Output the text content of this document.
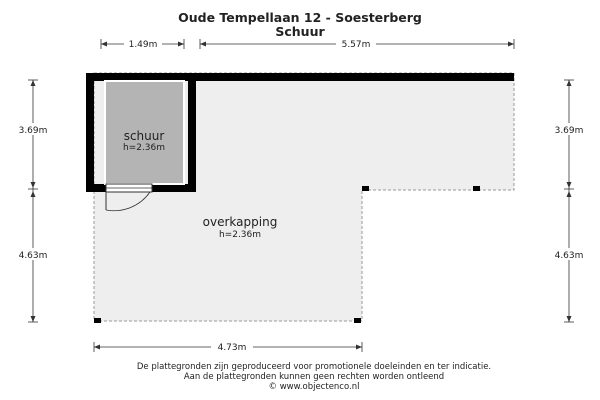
Oude Tempellaan 12 - Soesterberg
Schuur
schuur
h=2.36m
overkapping
h=2.36m
1.49m	5.57m
3.69m
4.63m
3.69m
4.63m
4.73m
De plattegronden zijn geproduceerd voor promotionele doeleinden en ter indicatie.
Aan de plattegronden kunnen geen rechten worden ontleend
© www.objectenco.nl
